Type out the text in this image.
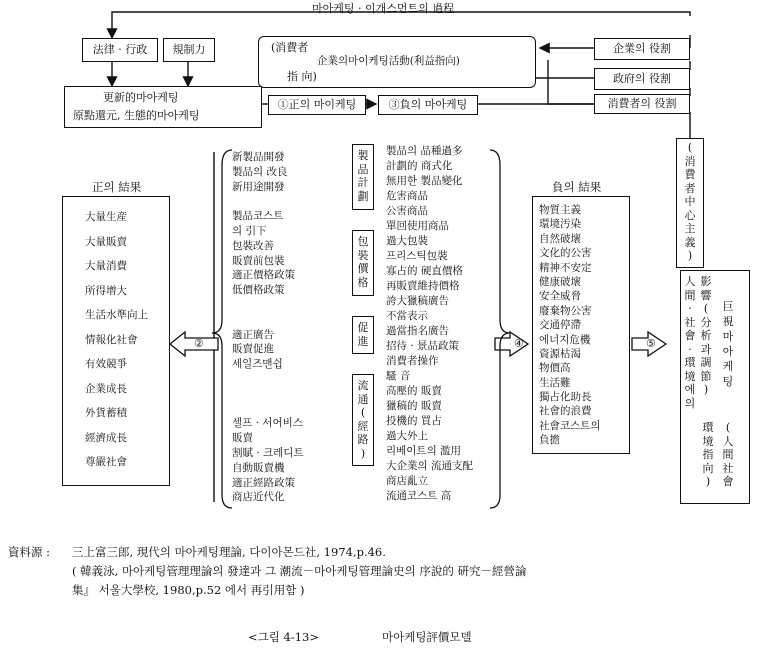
마아케팅 · 이개스먼트의 過程
法律 · 行政 規制力	(消費者
企業의마이케팅活動(利益指向)
指 向)
更新的마아케팅
原點還元, 生態的마아케팅
①正의 마이케팅	③負의 마아케팅
企業의 役割
政府의 役割
消費者의 役割
正의 結果
大量生産
大量販賣
大量消費
所得增大
生活水準向上
情報化社會
有效競爭
企業成長
外貨蓄積
經濟成長
尊嚴社會
②	④	⑤
新製品開發
製品의 改良
新用途開發
製品코스트
의 引下
包裝改善
販賣前包裝
適正價格政策
低價格政策
適正廣告
販賣促進
세일즈맨쉽
셀프 · 서어비스
販賣
割賦 · 크레디트
自動販賣機
適正經路政策
商店近代化
製
品
計
劃
包
裝
價
格
促
進
流
通
(
經
路
)
製品의 品種過多
計劃的 商式化
無用한 製品變化
危害商品
公害商品
單回使用商品
過大包裝
프리스틱包裝
寡占的 硬直價格
再販賣維持價格
誇大獵稿廣告
不當表示
過當指名廣告
招待 · 景品政策
消費者操作
騷 音
高壓的 販賣
獵稿的 販賣
投機的 買占
過大外上
리베이트의 濫用
大企業의 流通支配
商店亂立
流通코스트 高
負의 結果
物質主義
環境汚染
自然破壞
文化的公害
精神不安定
健康破壞
安全威脅
廢棄物公害
交通停滯
에너지危機
資源枯渴
物價高
生活難
獨占化助長
社會的浪費
社會코스트의
負擔
(
消
費
者
中
心
主
義
)
人
間
·
社
會
·
環
境
에
의
影
響
(
分
析
과
調
節
)
巨
視
마
아
케
팅
環
境
指
向
)
(
人
間
社
會
資料源 : 三上富三郎, 現代의 마아케팅理論, 다이아몬드社, 1974,p.46.
( 韓義泳, 마아케팅管理理論의 發達과 그 潮流－마아케팅管理論史의 序說的 硏究－經營論
集』 서울大學校, 1980,p.52 에서 再引用함 )
<그림 4-13>	마아케팅評價모델
